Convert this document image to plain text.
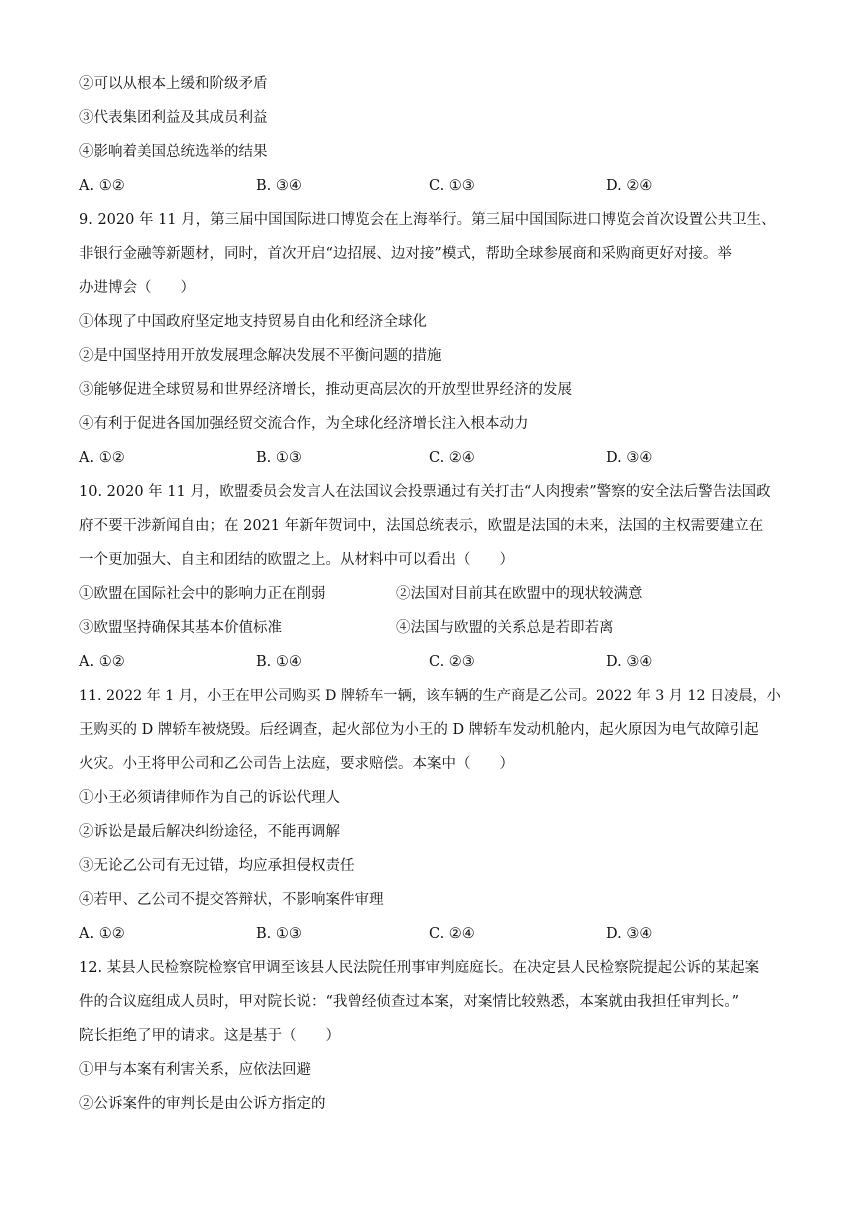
②可以从根本上缓和阶级矛盾
③代表集团利益及其成员利益
④影响着美国总统选举的结果
A. ①②	B. ③④	C. ①③	D. ②④
9. 2020 年 11 月，第三届中国国际进口博览会在上海举行。第三届中国国际进口博览会首次设置公共卫生、
非银行金融等新题材，同时，首次开启“边招展、边对接”模式，帮助全球参展商和采购商更好对接。举
办进博会（　　）
①体现了中国政府坚定地支持贸易自由化和经济全球化
②是中国坚持用开放发展理念解决发展不平衡问题的措施
③能够促进全球贸易和世界经济增长，推动更高层次的开放型世界经济的发展
④有利于促进各国加强经贸交流合作，为全球化经济增长注入根本动力
A. ①②	B. ①③	C. ②④	D. ③④
10. 2020 年 11 月，欧盟委员会发言人在法国议会投票通过有关打击“人肉搜索”警察的安全法后警告法国政
府不要干涉新闻自由；在 2021 年新年贺词中，法国总统表示，欧盟是法国的未来，法国的主权需要建立在
一个更加强大、自主和团结的欧盟之上。从材料中可以看出（　　）
①欧盟在国际社会中的影响力正在削弱	②法国对目前其在欧盟中的现状较满意
③欧盟坚持确保其基本价值标准	④法国与欧盟的关系总是若即若离
A. ①②	B. ①④	C. ②③	D. ③④
11. 2022 年 1 月，小王在甲公司购买 D 牌轿车一辆，该车辆的生产商是乙公司。2022 年 3 月 12 日凌晨，小
王购买的 D 牌轿车被烧毁。后经调查，起火部位为小王的 D 牌轿车发动机舱内，起火原因为电气故障引起
火灾。小王将甲公司和乙公司告上法庭，要求赔偿。本案中（　　）
①小王必须请律师作为自己的诉讼代理人
②诉讼是最后解决纠纷途径，不能再调解
③无论乙公司有无过错，均应承担侵权责任
④若甲、乙公司不提交答辩状，不影响案件审理
A. ①②	B. ①③	C. ②④	D. ③④
12. 某县人民检察院检察官甲调至该县人民法院任刑事审判庭庭长。在决定县人民检察院提起公诉的某起案
件的合议庭组成人员时，甲对院长说：“我曾经侦查过本案，对案情比较熟悉，本案就由我担任审判长。”
院长拒绝了甲的请求。这是基于（　　）
①甲与本案有利害关系，应依法回避
②公诉案件的审判长是由公诉方指定的
